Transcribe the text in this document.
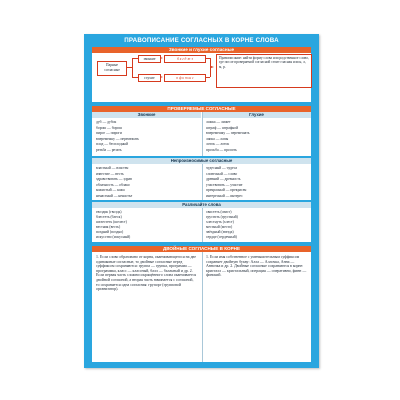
ПРАВОПИСАНИЕ СОГЛАСНЫХ В КОРНЕ СЛОВА
Звонкие и глухие согласные
Парные согласные
звонкие
глухие
б в г д ж з
п ф к т ш с
Правописание: найти форму слова или родственное слово, где после проверяемой согласной стоит гласная или н, л, м, р.
ПРОВЕРЯЕМЫЕ СОГЛАСНЫЕ
Звонкие	Глухие
дуб — дубок
борош — борош
пирог — пироги
вперемежку — перемежать
плод — бесплодный
резьба — резать
ложка — лижет
штраф — штрафной
вперемешку — перемешать
лапка — лапы
лоток — лоток
просьба — просить
Непроизносимые согласные
властный — властен
известие — весть
здравствовать — здрав
облачность — облако
кожистый — кожа
ненастный — ненастье
чудесный — чудеса
словесный — слово
древний — древность
участвовать — участие
прекрасный — прекрасен
интересный — интерес
Различайте слова
гвоздик (гвоздь)
блестеть (блеск)
шелестеть (шелест)
вестник (весть)
поздний (поздно)
искусство (искусный)
свистеть (свист)
грустить (грустный)
хлестнуть (хлест)
местный (место)
звёздный (звезда)
сердце (сердечный)
ДВОЙНЫЕ СОГЛАСНЫЕ В КОРНЕ
1. Если слово образовано от корня, оканчивающегося на две одинаковые согласные, то двойные согласные перед суффиксом сохраняются: группа — групка, программа — программка, класс — классный, балл — балльный и др. 2. Если первая часть сложносокращённого слова оканчивается двойной согласной, а вторая часть начинается с согласной, то сохраняется одна согласная: групорг (групповой организатор).
1. Если имя собственное с уменьшительным суффиксом сохраняет двойную букву: Алла — Аллочка, Анна — Анночка и др. 2. Двойные согласные сохраняются в корне: кристалл — кристальный, операция — оперативно, финн — финский.
